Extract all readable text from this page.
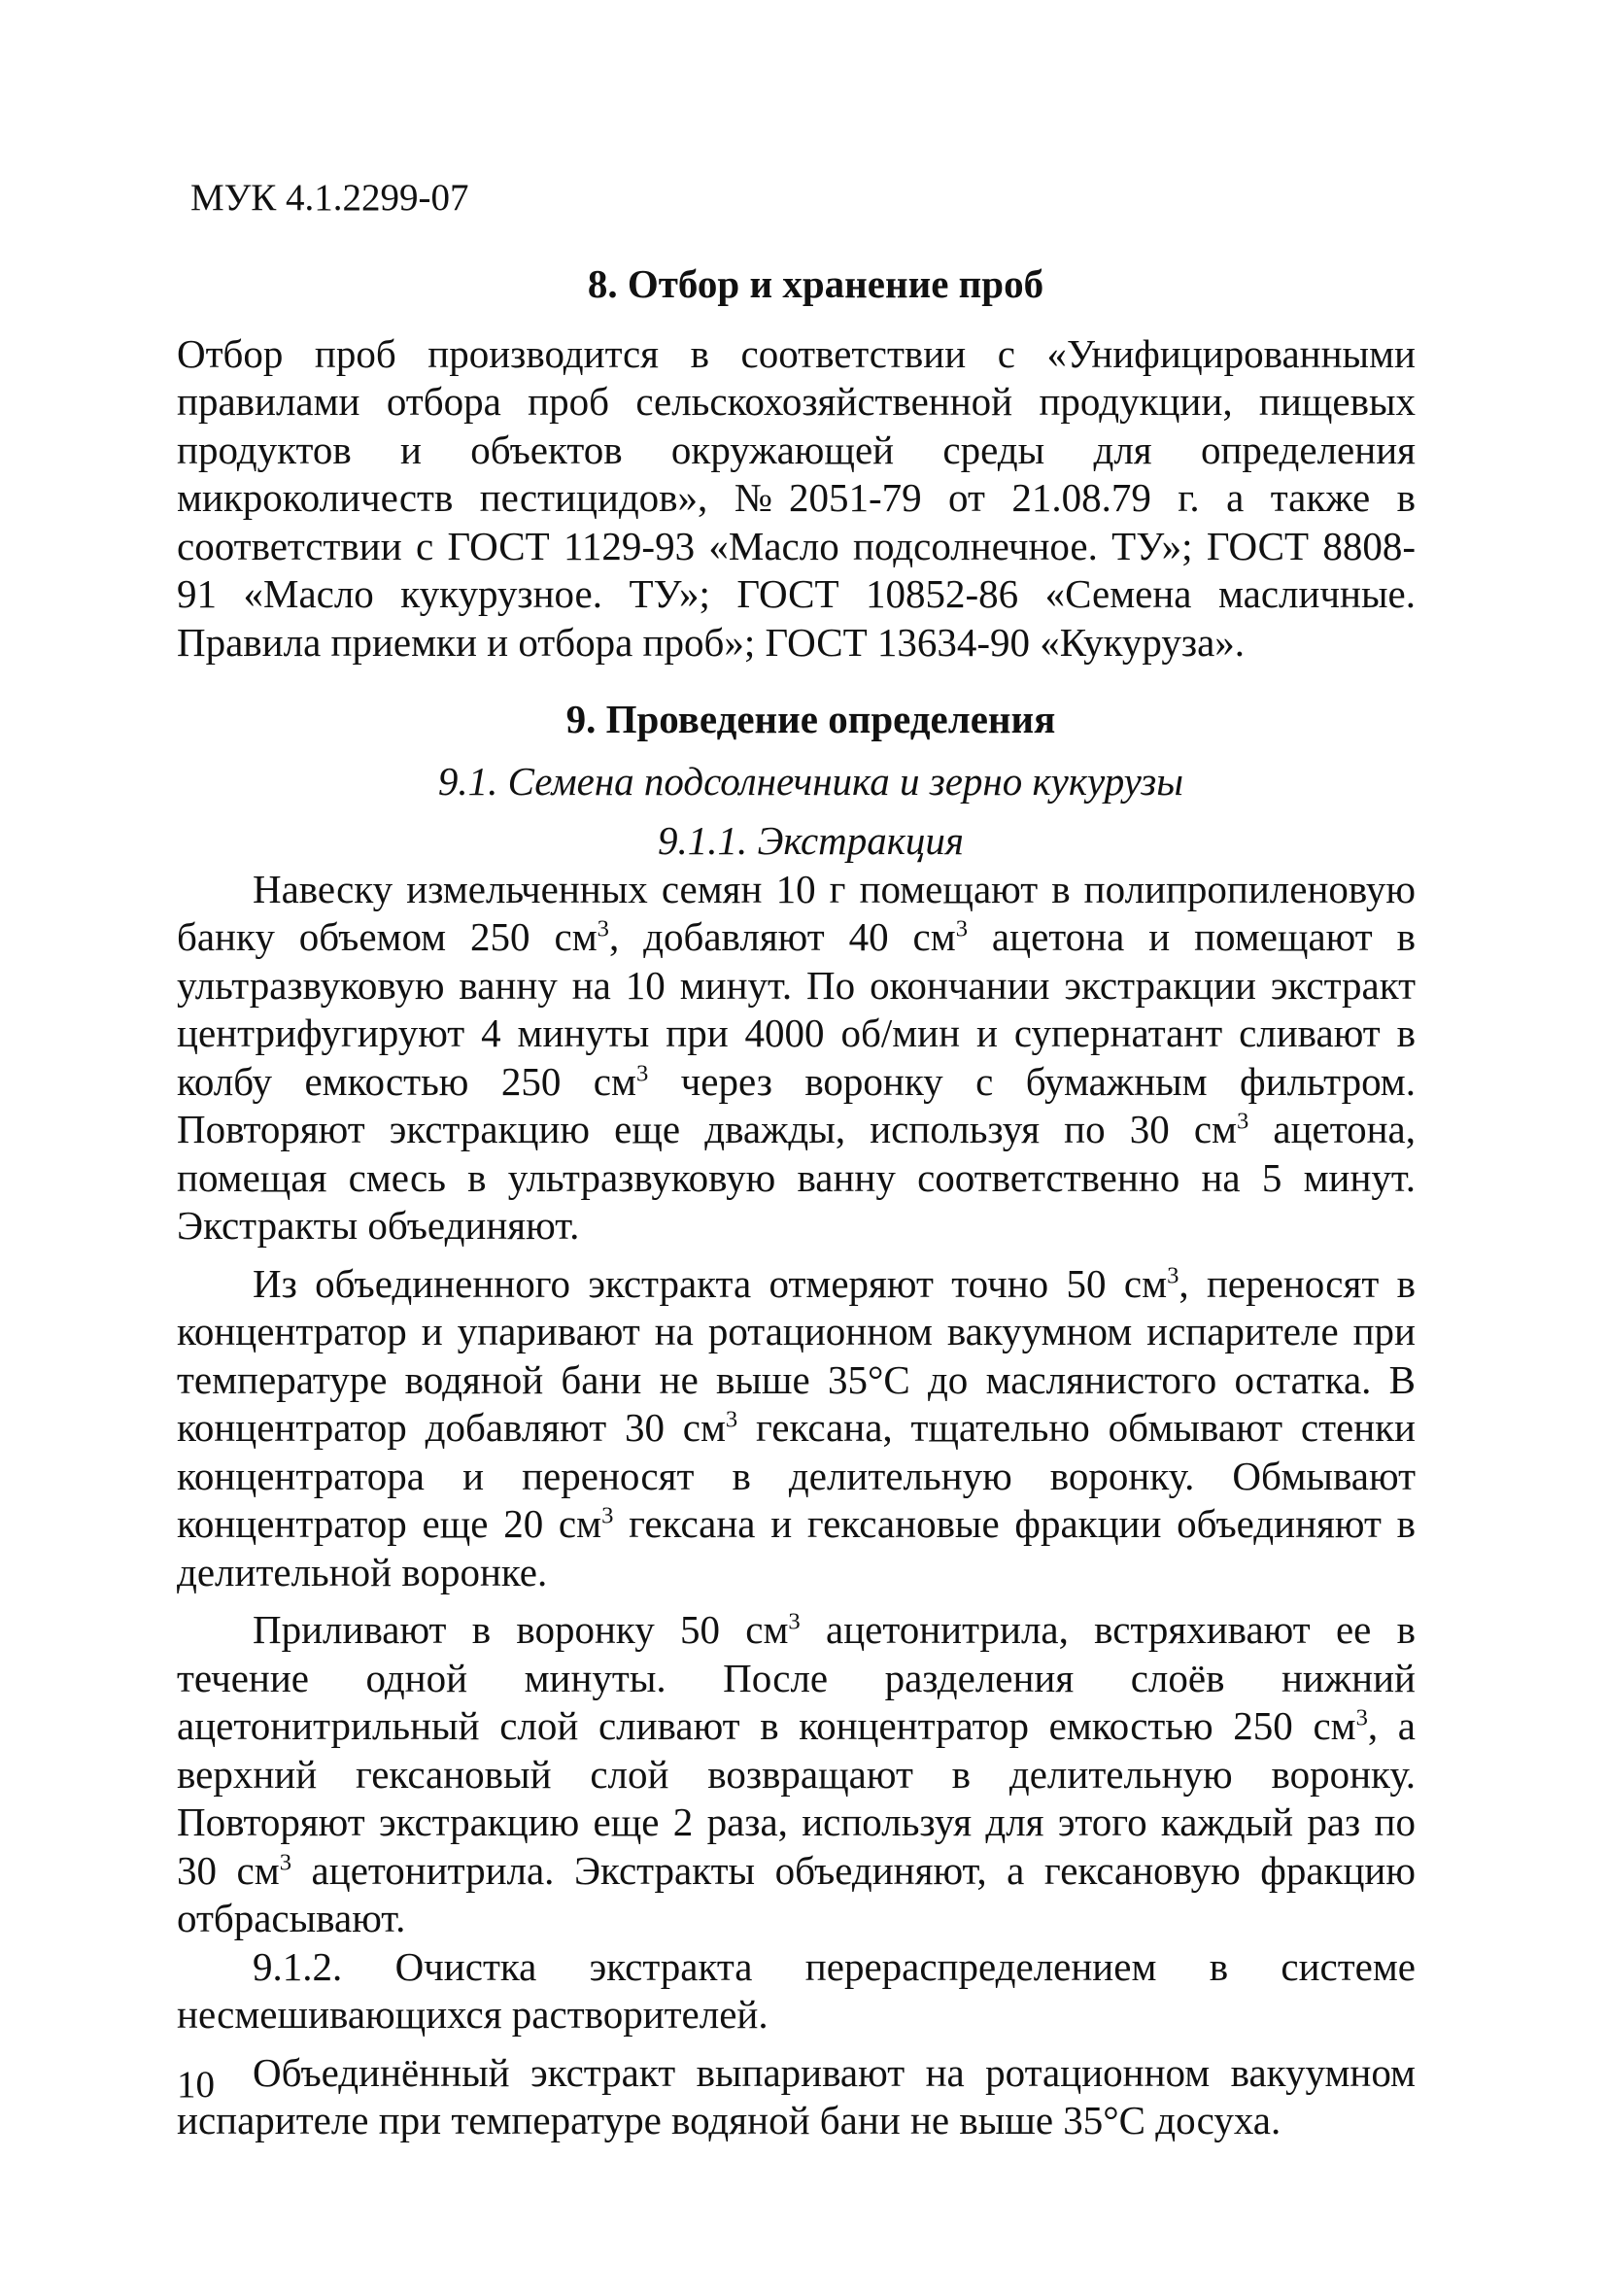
МУК 4.1.2299-07

8. Отбор и хранение проб

Отбор проб производится в соответствии с «Унифицированными правилами отбора проб сельскохозяйственной продукции, пищевых продуктов и объектов окружающей среды для определения микроколичеств пестицидов», №2051-79 от 21.08.79 г. а также в соответствии с ГОСТ 1129-93 «Масло подсолнечное. ТУ»; ГОСТ 8808-91 «Масло кукурузное. ТУ»; ГОСТ 10852-86 «Семена масличные. Правила приемки и отбора проб»; ГОСТ 13634-90 «Кукуруза».

9. Проведение определения

9.1. Семена подсолнечника и зерно кукурузы

9.1.1. Экстракция

Навеску измельченных семян 10 г помещают в полипропиленовую банку объемом 250 $см^3$, добавляют 40 $см^3$ ацетона и помещают в ультразвуковую ванну на 10 минут. По окончании экстракции экстракт центрифугируют 4 минуты при 4000 об/мин и супернатант сливают в колбу емкостью 250 $см^3$ через воронку с бумажным фильтром. Повторяют экстракцию еще дважды, используя по 30 $см^3$ ацетона, помещая смесь в ультразвуковую ванну соответственно на 5 минут. Экстракты объединяют.

Из объединенного экстракта отмеряют точно 50 $см^3$, переносят в концентратор и упаривают на ротационном вакуумном испарителе при температуре водяной бани не выше 35°С до маслянистого остатка. В концентратор добавляют 30 $см^3$ гексана, тщательно обмывают стенки концентратора и переносят в делительную воронку. Обмывают концентратор еще 20 $см^3$ гексана и гексановые фракции объединяют в делительной воронке.

Приливают в воронку 50 $см^3$ ацетонитрила, встряхивают ее в течение одной минуты. После разделения слоёв нижний ацетонитрильный слой сливают в концентратор емкостью 250 $см^3$, а верхний гексановый слой возвращают в делительную воронку. Повторяют экстракцию еще 2 раза, используя для этого каждый раз по 30 $см^3$ ацетонитрила. Экстракты объединяют, а гексановую фракцию отбрасывают.

9.1.2. Очистка экстракта перераспределением в системе несмешивающихся растворителей.

Объединённый экстракт выпаривают на ротационном вакуумном испарителе при температуре водяной бани не выше 35°С досуха.

10
